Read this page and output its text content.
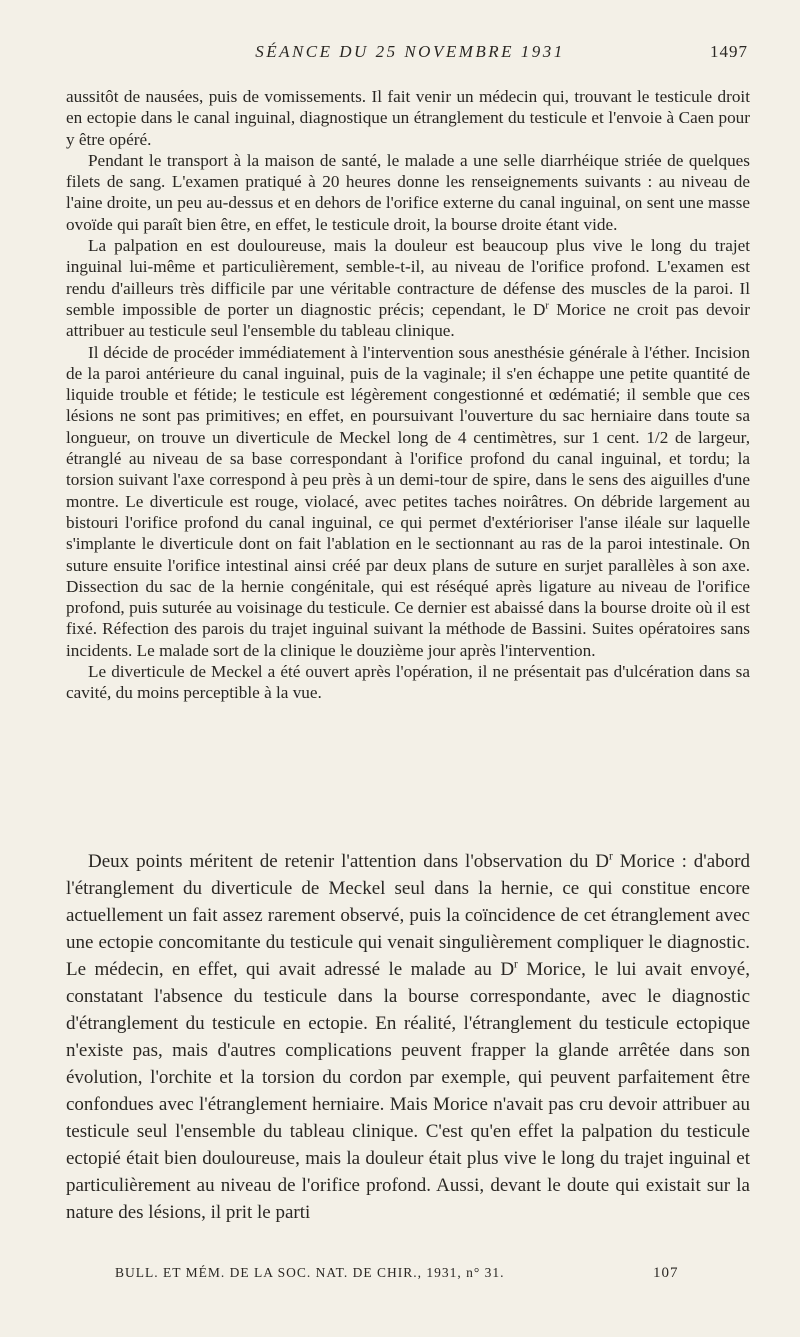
SÉANCE DU 25 NOVEMBRE 1931	1497

aussitôt de nausées, puis de vomissements. Il fait venir un médecin qui, trouvant le testicule droit en ectopie dans le canal inguinal, diagnostique un étranglement du testicule et l'envoie à Caen pour y être opéré.

Pendant le transport à la maison de santé, le malade a une selle diarrhéique striée de quelques filets de sang. L'examen pratiqué à 20 heures donne les renseignements suivants : au niveau de l'aine droite, un peu au-dessus et en dehors de l'orifice externe du canal inguinal, on sent une masse ovoïde qui paraît bien être, en effet, le testicule droit, la bourse droite étant vide.

La palpation en est douloureuse, mais la douleur est beaucoup plus vive le long du trajet inguinal lui-même et particulièrement, semble-t-il, au niveau de l'orifice profond. L'examen est rendu d'ailleurs très difficile par une véritable contracture de défense des muscles de la paroi. Il semble impossible de porter un diagnostic précis; cependant, le $D^r$ Morice ne croit pas devoir attribuer au testicule seul l'ensemble du tableau clinique.

Il décide de procéder immédiatement à l'intervention sous anesthésie générale à l'éther. Incision de la paroi antérieure du canal inguinal, puis de la vaginale; il s'en échappe une petite quantité de liquide trouble et fétide; le testicule est légèrement congestionné et œdématié; il semble que ces lésions ne sont pas primitives; en effet, en poursuivant l'ouverture du sac herniaire dans toute sa longueur, on trouve un diverticule de Meckel long de 4 centimètres, sur 1 cent. 1/2 de largeur, étranglé au niveau de sa base correspondant à l'orifice profond du canal inguinal, et tordu; la torsion suivant l'axe correspond à peu près à un demi-tour de spire, dans le sens des aiguilles d'une montre. Le diverticule est rouge, violacé, avec petites taches noirâtres. On débride largement au bistouri l'orifice profond du canal inguinal, ce qui permet d'extérioriser l'anse iléale sur laquelle s'implante le diverticule dont on fait l'ablation en le sectionnant au ras de la paroi intestinale. On suture ensuite l'orifice intestinal ainsi créé par deux plans de suture en surjet parallèles à son axe. Dissection du sac de la hernie congénitale, qui est réséqué après ligature au niveau de l'orifice profond, puis suturée au voisinage du testicule. Ce dernier est abaissé dans la bourse droite où il est fixé. Réfection des parois du trajet inguinal suivant la méthode de Bassini. Suites opératoires sans incidents. Le malade sort de la clinique le douzième jour après l'intervention.

Le diverticule de Meckel a été ouvert après l'opération, il ne présentait pas d'ulcération dans sa cavité, du moins perceptible à la vue.

Deux points méritent de retenir l'attention dans l'observation du $D^r$ Morice : d'abord l'étranglement du diverticule de Meckel seul dans la hernie, ce qui constitue encore actuellement un fait assez rarement observé, puis la coïncidence de cet étranglement avec une ectopie concomitante du testicule qui venait singulièrement compliquer le diagnostic. Le médecin, en effet, qui avait adressé le malade au $D^r$ Morice, le lui avait envoyé, constatant l'absence du testicule dans la bourse correspondante, avec le diagnostic d'étranglement du testicule en ectopie. En réalité, l'étranglement du testicule ectopique n'existe pas, mais d'autres complications peuvent frapper la glande arrêtée dans son évolution, l'orchite et la torsion du cordon par exemple, qui peuvent parfaitement être confondues avec l'étranglement herniaire. Mais Morice n'avait pas cru devoir attribuer au testicule seul l'ensemble du tableau clinique. C'est qu'en effet la palpation du testicule ectopié était bien douloureuse, mais la douleur était plus vive le long du trajet inguinal et particulièrement au niveau de l'orifice profond. Aussi, devant le doute qui existait sur la nature des lésions, il prit le parti

BULL. ET MÉM. DE LA SOC. NAT. DE CHIR., 1931, n° 31.	107
